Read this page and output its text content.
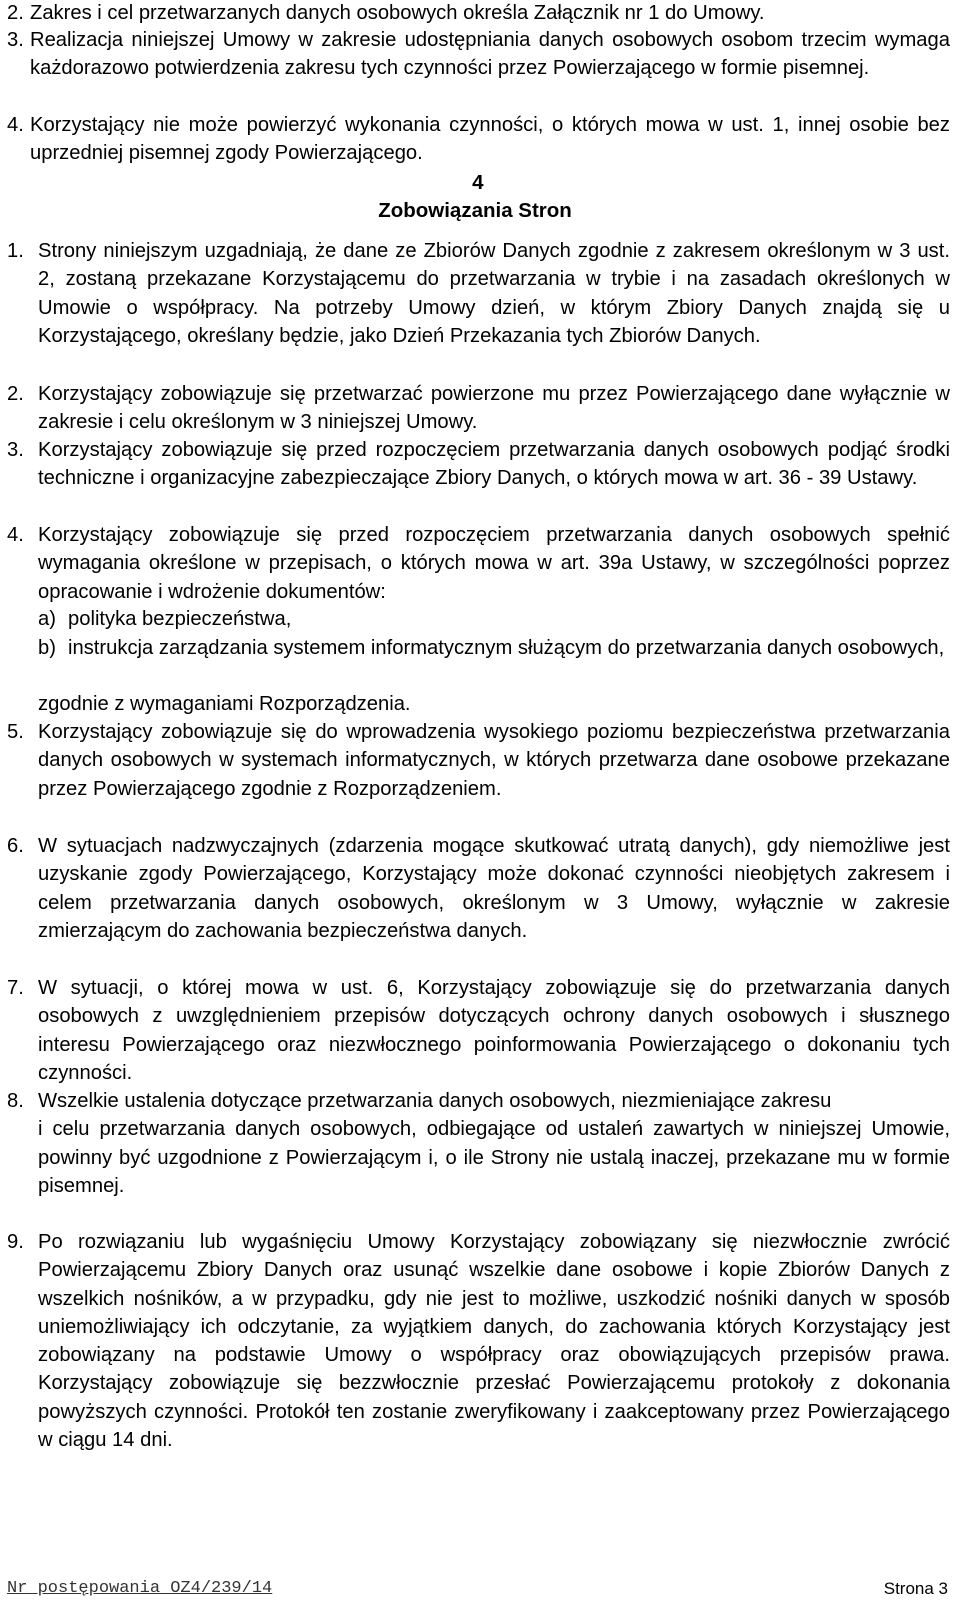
2. Zakres i cel przetwarzanych danych osobowych określa Załącznik nr 1 do Umowy.
3. Realizacja niniejszej Umowy w zakresie udostępniania danych osobowych osobom trzecim wymaga każdorazowo potwierdzenia zakresu tych czynności przez Powierzającego w formie pisemnej.
4. Korzystający nie może powierzyć wykonania czynności, o których mowa w ust. 1, innej osobie bez uprzedniej pisemnej zgody Powierzającego.
4
Zobowiązania Stron
1. Strony niniejszym uzgadniają, że dane ze Zbiorów Danych zgodnie z zakresem określonym w 3 ust. 2, zostaną przekazane Korzystającemu do przetwarzania w trybie i na zasadach określonych w Umowie o współpracy. Na potrzeby Umowy dzień, w którym Zbiory Danych znajdą się u Korzystającego, określany będzie, jako Dzień Przekazania tych Zbiorów Danych.
2. Korzystający zobowiązuje się przetwarzać powierzone mu przez Powierzającego dane wyłącznie w zakresie i celu określonym w 3 niniejszej Umowy.
3. Korzystający zobowiązuje się przed rozpoczęciem przetwarzania danych osobowych podjąć środki techniczne i organizacyjne zabezpieczające Zbiory Danych, o których mowa w art. 36 - 39 Ustawy.
4. Korzystający zobowiązuje się przed rozpoczęciem przetwarzania danych osobowych spełnić wymagania określone w przepisach, o których mowa w art. 39a Ustawy, w szczególności poprzez opracowanie i wdrożenie dokumentów:
a) polityka bezpieczeństwa,
b) instrukcja zarządzania systemem informatycznym służącym do przetwarzania danych osobowych,
zgodnie z wymaganiami Rozporządzenia.
5. Korzystający zobowiązuje się do wprowadzenia wysokiego poziomu bezpieczeństwa przetwarzania danych osobowych w systemach informatycznych, w których przetwarza dane osobowe przekazane przez Powierzającego zgodnie z Rozporządzeniem.
6. W sytuacjach nadzwyczajnych (zdarzenia mogące skutkować utratą danych), gdy niemożliwe jest uzyskanie zgody Powierzającego, Korzystający może dokonać czynności nieobjętych zakresem i celem przetwarzania danych osobowych, określonym w 3 Umowy, wyłącznie w zakresie zmierzającym do zachowania bezpieczeństwa danych.
7. W sytuacji, o której mowa w ust. 6, Korzystający zobowiązuje się do przetwarzania danych osobowych z uwzględnieniem przepisów dotyczących ochrony danych osobowych i słusznego interesu Powierzającego oraz niezwłocznego poinformowania Powierzającego o dokonaniu tych czynności.
8. Wszelkie ustalenia dotyczące przetwarzania danych osobowych, niezmieniające zakresu
i celu przetwarzania danych osobowych, odbiegające od ustaleń zawartych w niniejszej Umowie, powinny być uzgodnione z Powierzającym i, o ile Strony nie ustalą inaczej, przekazane mu w formie pisemnej.
9. Po rozwiązaniu lub wygaśnięciu Umowy Korzystający zobowiązany się niezwłocznie zwrócić Powierzającemu Zbiory Danych oraz usunąć wszelkie dane osobowe i kopie Zbiorów Danych z wszelkich nośników, a w przypadku, gdy nie jest to możliwe, uszkodzić nośniki danych w sposób uniemożliwiający ich odczytanie, za wyjątkiem danych, do zachowania których Korzystający jest zobowiązany na podstawie Umowy o współpracy oraz obowiązujących przepisów prawa. Korzystający zobowiązuje się bezzwłocznie przesłać Powierzającemu protokoły z dokonania powyższych czynności. Protokół ten zostanie zweryfikowany i zaakceptowany przez Powierzającego w ciągu 14 dni.
Nr postępowania OZ4/239/14	Strona 3
